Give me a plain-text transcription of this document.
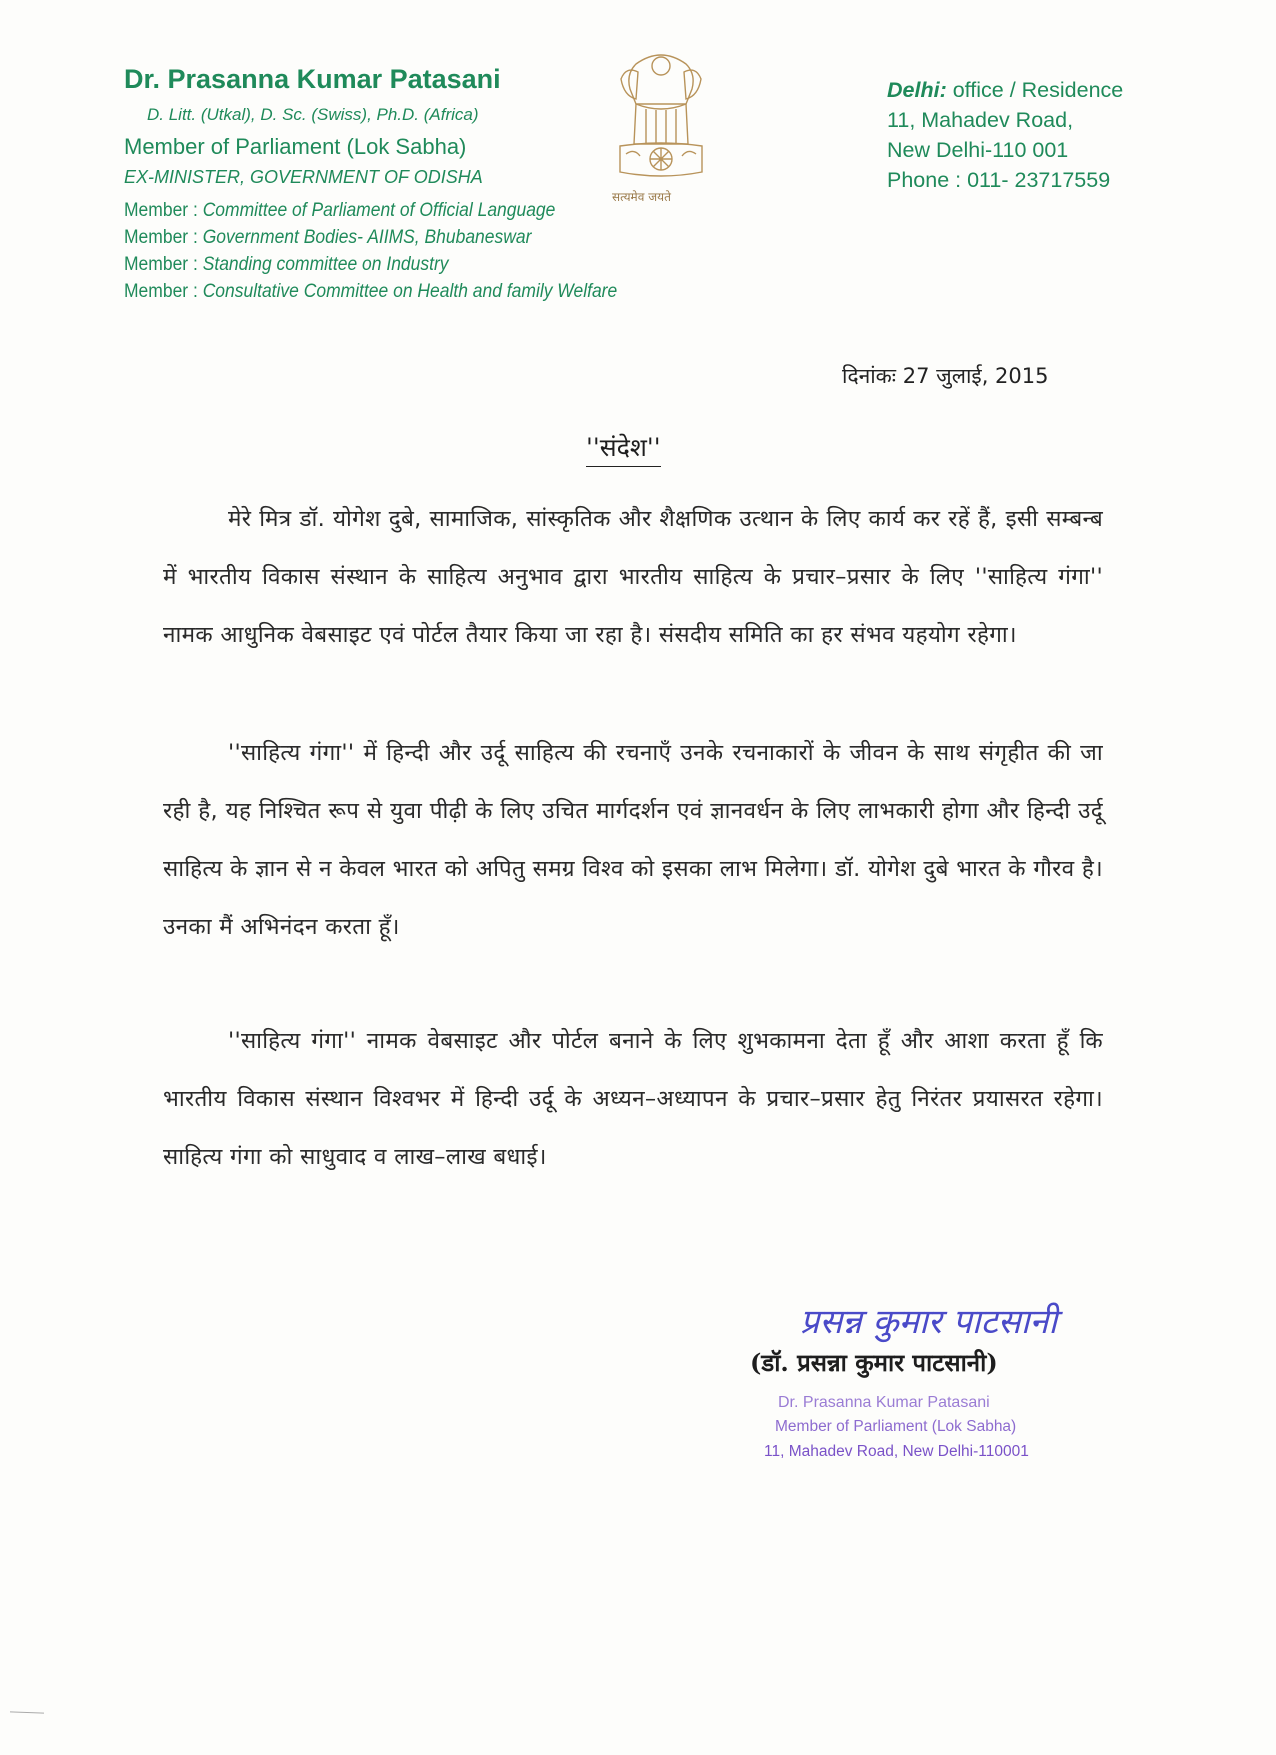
Dr. Prasanna Kumar Patasani
D. Litt. (Utkal), D. Sc. (Swiss), Ph.D. (Africa)
Member of Parliament (Lok Sabha)
EX-MINISTER, GOVERNMENT OF ODISHA
Member : Committee of Parliament of Official Language
Member : Government Bodies- AIIMS, Bhubaneswar
Member : Standing committee on Industry
Member : Consultative Committee on Health and family Welfare
सत्यमेव जयते
Delhi: office / Residence
11, Mahadev Road,
New Delhi-110 001
Phone : 011- 23717559
दिनांकः 27 जुलाई, 2015
''संदेश''
मेरे मित्र डॉ. योगेश दुबे, सामाजिक, सांस्कृतिक और शैक्षणिक उत्थान के लिए कार्य कर रहें हैं, इसी सम्बन्ब में भारतीय विकास संस्थान के साहित्य अनुभाव द्वारा भारतीय साहित्य के प्रचार–प्रसार के लिए ''साहित्य गंगा'' नामक आधुनिक वेबसाइट एवं पोर्टल तैयार किया जा रहा है। संसदीय समिति का हर संभव यहयोग रहेगा।
''साहित्य गंगा'' में हिन्दी और उर्दू साहित्य की रचनाएँ उनके रचनाकारों के जीवन के साथ संगृहीत की जा रही है, यह निश्चित रूप से युवा पीढ़ी के लिए उचित मार्गदर्शन एवं ज्ञानवर्धन के लिए लाभकारी होगा और हिन्दी उर्दू साहित्य के ज्ञान से न केवल भारत को अपितु समग्र विश्व को इसका लाभ मिलेगा। डॉ. योगेश दुबे भारत के गौरव है। उनका मैं अभिनंदन करता हूँ।
''साहित्य गंगा'' नामक वेबसाइट और पोर्टल बनाने के लिए शुभकामना देता हूँ और आशा करता हूँ कि भारतीय विकास संस्थान विश्वभर में हिन्दी उर्दू के अध्यन–अध्यापन के प्रचार–प्रसार हेतु निरंतर प्रयासरत रहेगा। साहित्य गंगा को साधुवाद व लाख–लाख बधाई।
प्रसन्न कुमार पाटसानी
(डॉ. प्रसन्ना कुमार पाटसानी)
Dr. Prasanna Kumar Patasani
Member of Parliament (Lok Sabha)
11, Mahadev Road, New Delhi-110001
